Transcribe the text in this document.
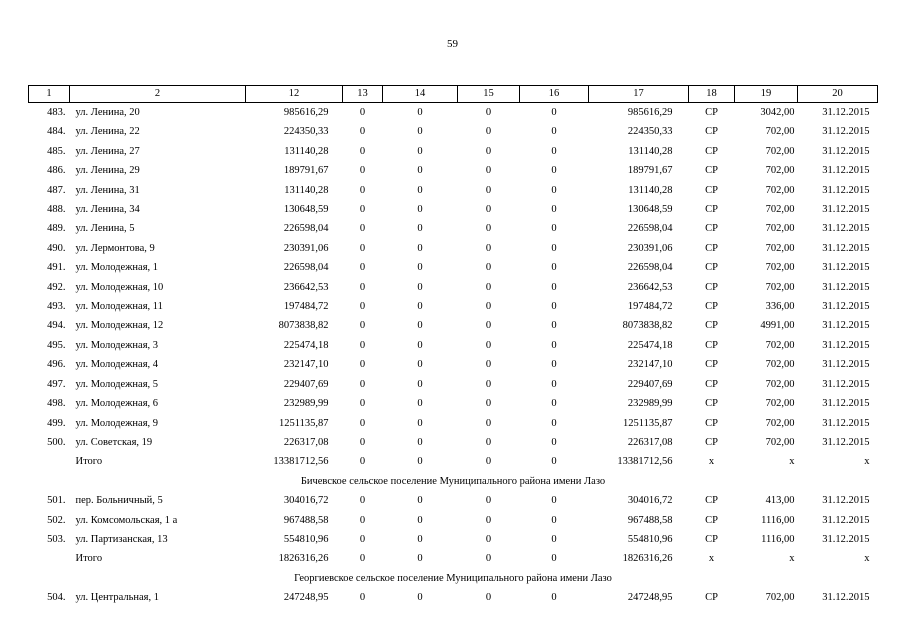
59
1	2	12	13	14	15	16	17	18	19	20
483.	ул. Ленина, 20	985616,29	0	0	0	0	985616,29	СР	3042,00	31.12.2015
484.	ул. Ленина, 22	224350,33	0	0	0	0	224350,33	СР	702,00	31.12.2015
485.	ул. Ленина, 27	131140,28	0	0	0	0	131140,28	СР	702,00	31.12.2015
486.	ул. Ленина, 29	189791,67	0	0	0	0	189791,67	СР	702,00	31.12.2015
487.	ул. Ленина, 31	131140,28	0	0	0	0	131140,28	СР	702,00	31.12.2015
488.	ул. Ленина, 34	130648,59	0	0	0	0	130648,59	СР	702,00	31.12.2015
489.	ул. Ленина, 5	226598,04	0	0	0	0	226598,04	СР	702,00	31.12.2015
490.	ул. Лермонтова, 9	230391,06	0	0	0	0	230391,06	СР	702,00	31.12.2015
491.	ул. Молодежная, 1	226598,04	0	0	0	0	226598,04	СР	702,00	31.12.2015
492.	ул. Молодежная, 10	236642,53	0	0	0	0	236642,53	СР	702,00	31.12.2015
493.	ул. Молодежная, 11	197484,72	0	0	0	0	197484,72	СР	336,00	31.12.2015
494.	ул. Молодежная, 12	8073838,82	0	0	0	0	8073838,82	СР	4991,00	31.12.2015
495.	ул. Молодежная, 3	225474,18	0	0	0	0	225474,18	СР	702,00	31.12.2015
496.	ул. Молодежная, 4	232147,10	0	0	0	0	232147,10	СР	702,00	31.12.2015
497.	ул. Молодежная, 5	229407,69	0	0	0	0	229407,69	СР	702,00	31.12.2015
498.	ул. Молодежная, 6	232989,99	0	0	0	0	232989,99	СР	702,00	31.12.2015
499.	ул. Молодежная, 9	1251135,87	0	0	0	0	1251135,87	СР	702,00	31.12.2015
500.	ул. Советская, 19	226317,08	0	0	0	0	226317,08	СР	702,00	31.12.2015
	Итого	13381712,56	0	0	0	0	13381712,56	х	х	х
Бичевское сельское поселение Муниципального района имени Лазо										
501.	пер. Больничный, 5	304016,72	0	0	0	0	304016,72	СР	413,00	31.12.2015
502.	ул. Комсомольская, 1 а	967488,58	0	0	0	0	967488,58	СР	1116,00	31.12.2015
503.	ул. Партизанская, 13	554810,96	0	0	0	0	554810,96	СР	1116,00	31.12.2015
	Итого	1826316,26	0	0	0	0	1826316,26	х	х	х
Георгиевское сельское поселение Муниципального района имени Лазо										
504.	ул. Центральная, 1	247248,95	0	0	0	0	247248,95	СР	702,00	31.12.2015
